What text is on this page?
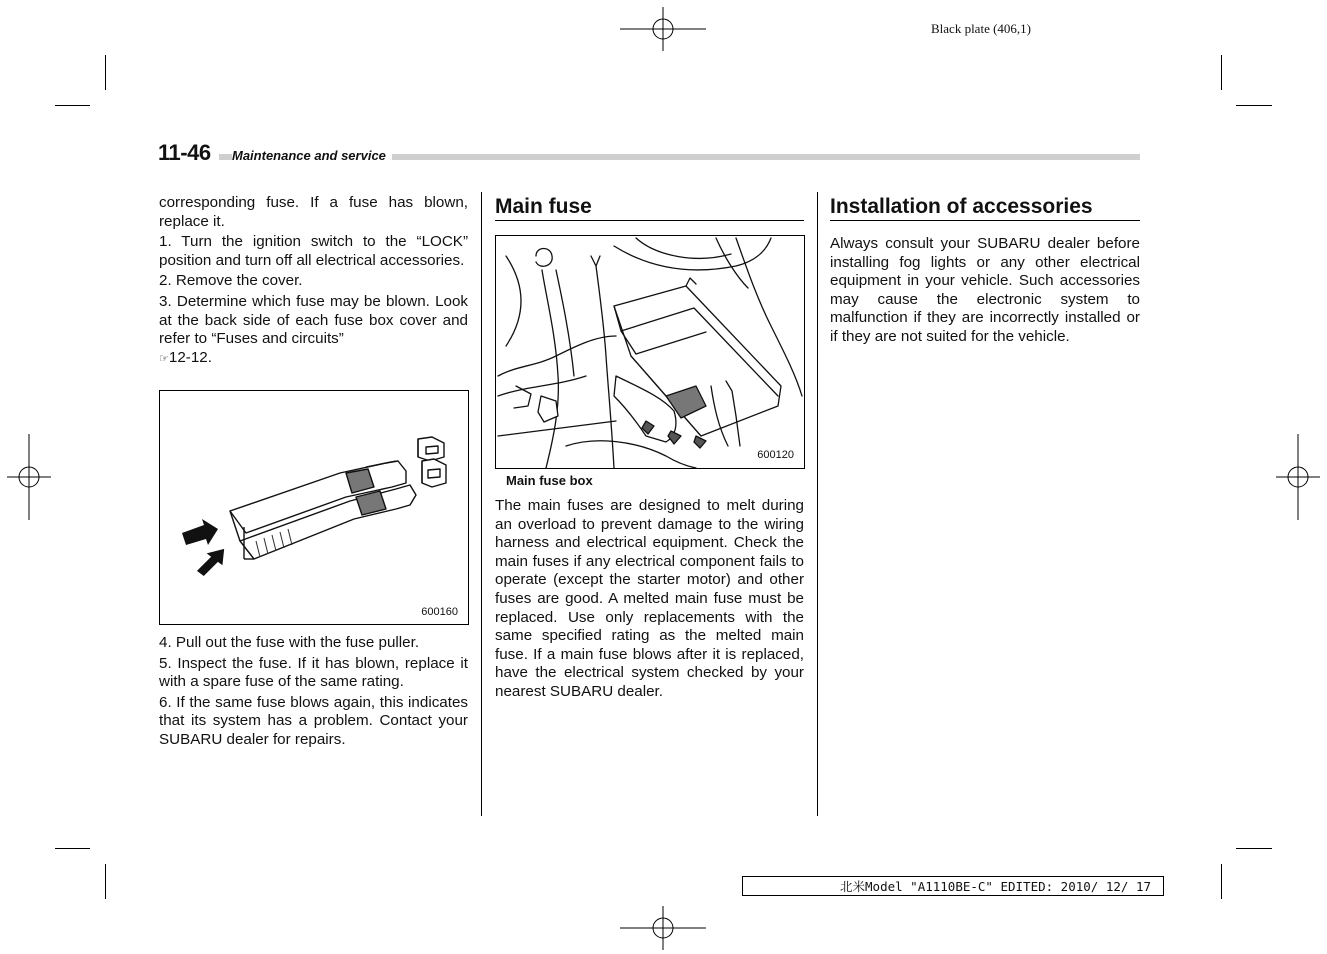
Black plate (406,1)
11-46	Maintenance and service

corresponding fuse. If a fuse has blown, replace it.

1. Turn the ignition switch to the “LOCK” position and turn off all electrical accessories.

2. Remove the cover.

3. Determine which fuse may be blown. Look at the back side of each fuse box cover and refer to “Fuses and circuits”
☞12-12.

600160

4. Pull out the fuse with the fuse puller.

5. Inspect the fuse. If it has blown, replace it with a spare fuse of the same rating.

6. If the same fuse blows again, this indicates that its system has a problem. Contact your SUBARU dealer for repairs.

Main fuse
600120
Main fuse box
The main fuses are designed to melt during an overload to prevent damage to the wiring harness and electrical equipment. Check the main fuses if any electrical component fails to operate (except the starter motor) and other fuses are good. A melted main fuse must be replaced. Use only replacements with the same specified rating as the melted main fuse. If a main fuse blows after it is replaced, have the electrical system checked by your nearest SUBARU dealer.
Installation of accessories
Always consult your SUBARU dealer before installing fog lights or any other electrical equipment in your vehicle. Such accessories may cause the electronic system to malfunction if they are incorrectly installed or if they are not suited for the vehicle.
北米Model "A1110BE-C" EDITED: 2010/ 12/ 17
